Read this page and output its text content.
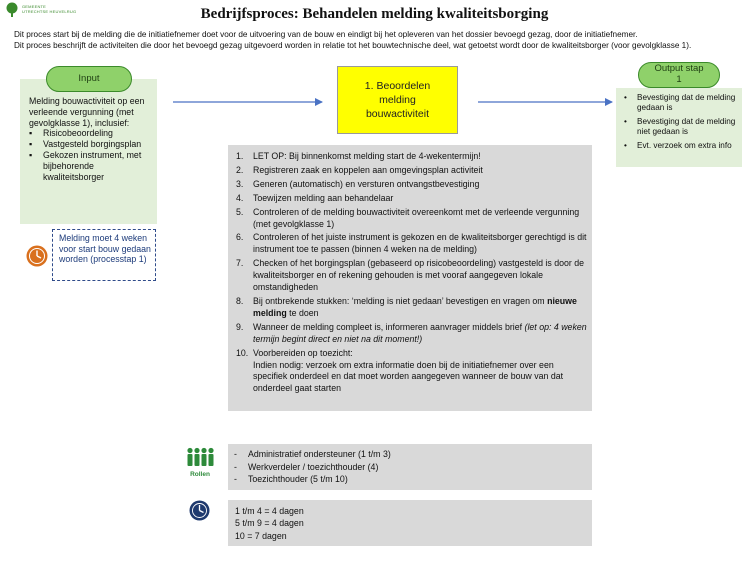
GEMEENTE
UTRECHTSE HEUVELRUG	Bedrijfsproces: Behandelen melding kwaliteitsborging

Dit proces start bij de melding die de initiatiefnemer doet voor de uitvoering van de bouw en eindigt bij het opleveren van het dossier bevoegd gezag, door de initiatiefnemer.

Dit proces beschrijft de activiteiten die door het bevoegd gezag uitgevoerd worden in relatie tot het bouwtechnische deel, wat getoetst wordt door de kwaliteitsborger (voor gevolgklasse 1).

Input
Melding bouwactiviteit op een verleende vergunning (met gevolgklasse 1), inclusief:
▪ Risicobeoordeling
▪ Vastgesteld borgingsplan
▪ Gekozen instrument, met bijbehorende kwaliteitsborger
1. Beoordelen
melding
bouwactiviteit
Output stap
1
• Bevestiging dat de melding gedaan is
• Bevestiging dat de melding niet gedaan is
• Evt. verzoek om extra info
Melding moet 4 weken voor start bouw gedaan worden (processtap 1)
1. LET OP: Bij binnenkomst melding start de 4-wekentermijn!
2. Registreren zaak en koppelen aan omgevingsplan activiteit
3. Generen (automatisch) en versturen ontvangstbevestiging
4. Toewijzen melding aan behandelaar
5. Controleren of de melding bouwactiviteit overeenkomt met de verleende vergunning (met gevolgklasse 1)
6. Controleren of het juiste instrument is gekozen en de kwaliteitsborger gerechtigd is dit instrument toe te passen (binnen 4 weken na de melding)
7. Checken of het borgingsplan (gebaseerd op risicobeoordeling) vastgesteld is door de kwaliteitsborger en of rekening gehouden is met vooraf aangegeven lokale omstandigheden
8. Bij ontbrekende stukken: ‘melding is niet gedaan’ bevestigen en vragen om nieuwe melding te doen
9. Wanneer de melding compleet is, informeren aanvrager middels brief (let op: 4 weken termijn begint direct en niet na dit moment!)
10. Voorbereiden op toezicht:
Indien nodig: verzoek om extra informatie doen bij de initiatiefnemer over een specifiek onderdeel en dat moet worden aangegeven wanneer de bouw van dat onderdeel gaat starten
Rollen
- Administratief ondersteuner (1 t/m 3)
- Werkverdeler / toezichthouder (4)
- Toezichthouder (5 t/m 10)
1 t/m 4 = 4 dagen
5 t/m 9 = 4 dagen
10 = 7 dagen
